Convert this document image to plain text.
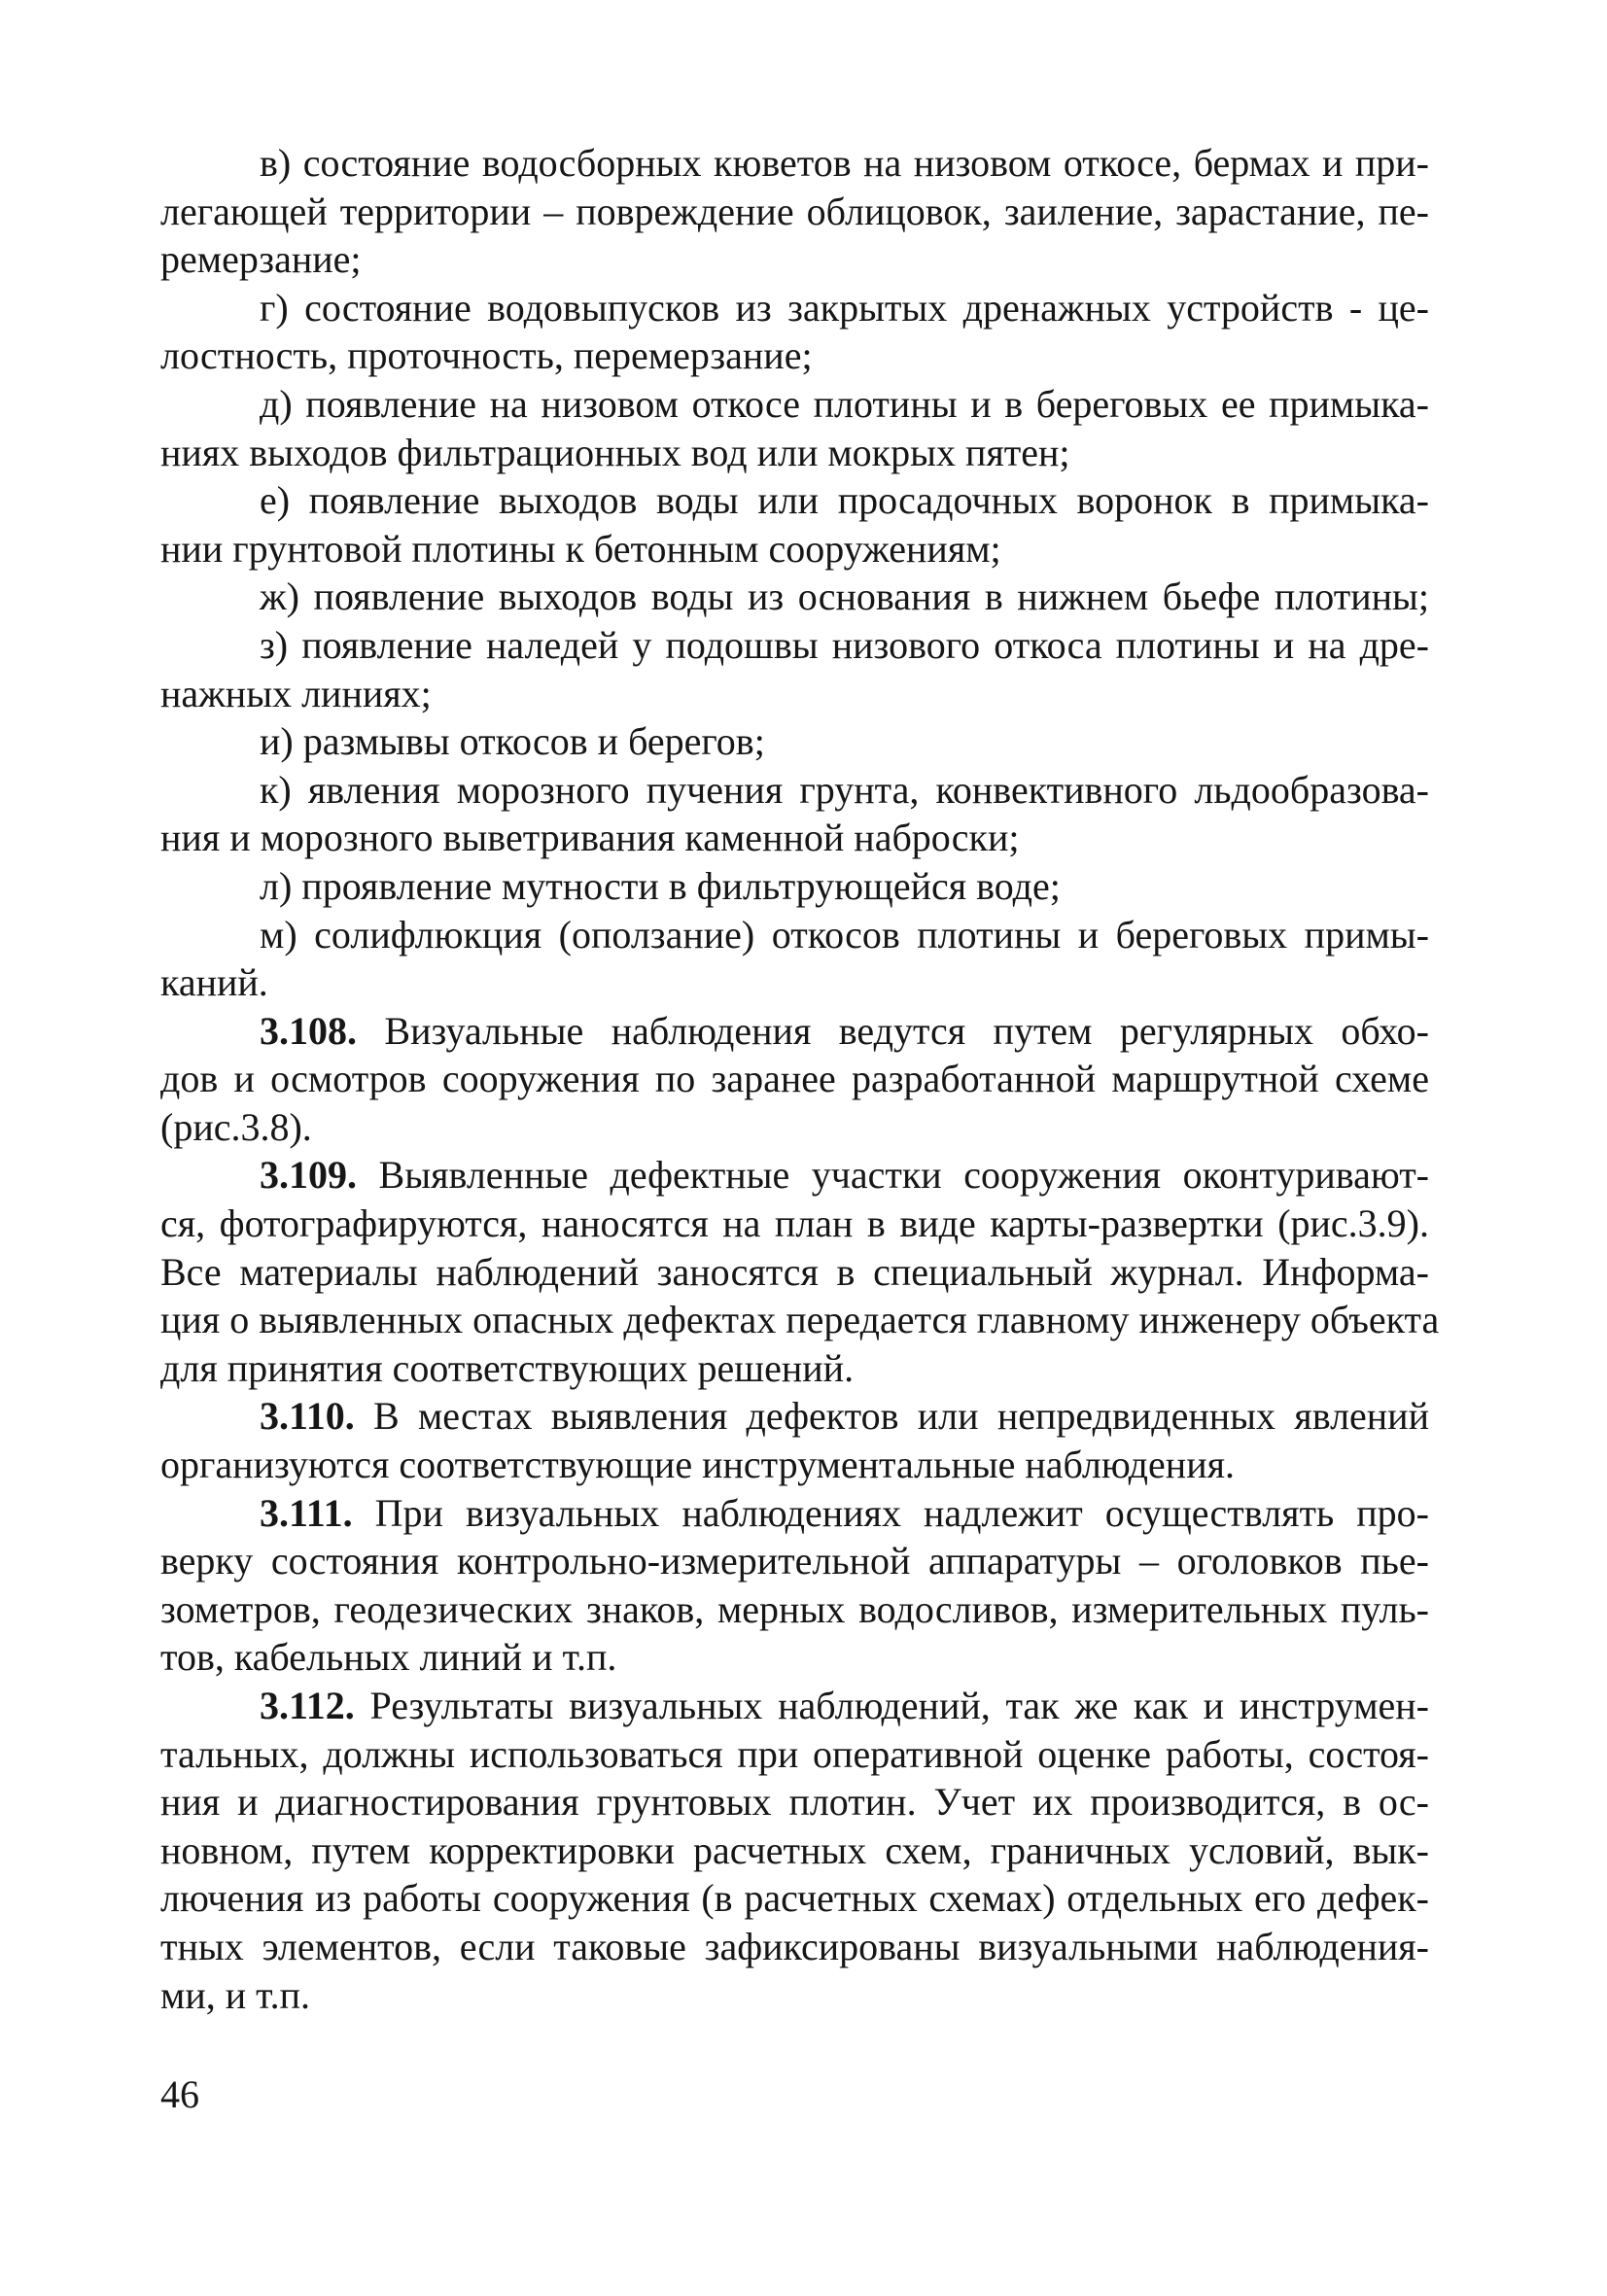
в) состояние водосборных кюветов на низовом откосе, бермах и при-
легающей территории – повреждение облицовок, заиление, зарастание, пе-
ремерзание;
г) состояние водовыпусков из закрытых дренажных устройств - це-
лостность, проточность, перемерзание;
д) появление на низовом откосе плотины и в береговых ее примыка-
ниях выходов фильтрационных вод или мокрых пятен;
е) появление выходов воды или просадочных воронок в примыка-
нии грунтовой плотины к бетонным сооружениям;
ж) появление выходов воды из основания в нижнем бьефе плотины;
з) появление наледей у подошвы низового откоса плотины и на дре-
нажных линиях;
и) размывы откосов и берегов;
к) явления морозного пучения грунта, конвективного льдообразова-
ния и морозного выветривания каменной наброски;
л) проявление мутности в фильтрующейся воде;
м) солифлюкция (оползание) откосов плотины и береговых примы-
каний.
3.108. Визуальные наблюдения ведутся путем регулярных обхо-
дов и осмотров сооружения по заранее разработанной маршрутной схеме
(рис.3.8).
3.109. Выявленные дефектные участки сооружения оконтуривают-
ся, фотографируются, наносятся на план в виде карты-развертки (рис.3.9).
Все материалы наблюдений заносятся в специальный журнал. Информа-
ция о выявленных опасных дефектах передается главному инженеру объекта
для принятия соответствующих решений.
3.110. В местах выявления дефектов или непредвиденных явлений
организуются соответствующие инструментальные наблюдения.
3.111. При визуальных наблюдениях надлежит осуществлять про-
верку состояния контрольно-измерительной аппаратуры – оголовков пье-
зометров, геодезических знаков, мерных водосливов, измерительных пуль-
тов, кабельных линий и т.п.
3.112. Результаты визуальных наблюдений, так же как и инструмен-
тальных, должны использоваться при оперативной оценке работы, состоя-
ния и диагностирования грунтовых плотин. Учет их производится, в ос-
новном, путем корректировки расчетных схем, граничных условий, вык-
лючения из работы сооружения (в расчетных схемах) отдельных его дефек-
тных элементов, если таковые зафиксированы визуальными наблюдения-
ми, и т.п.
46
